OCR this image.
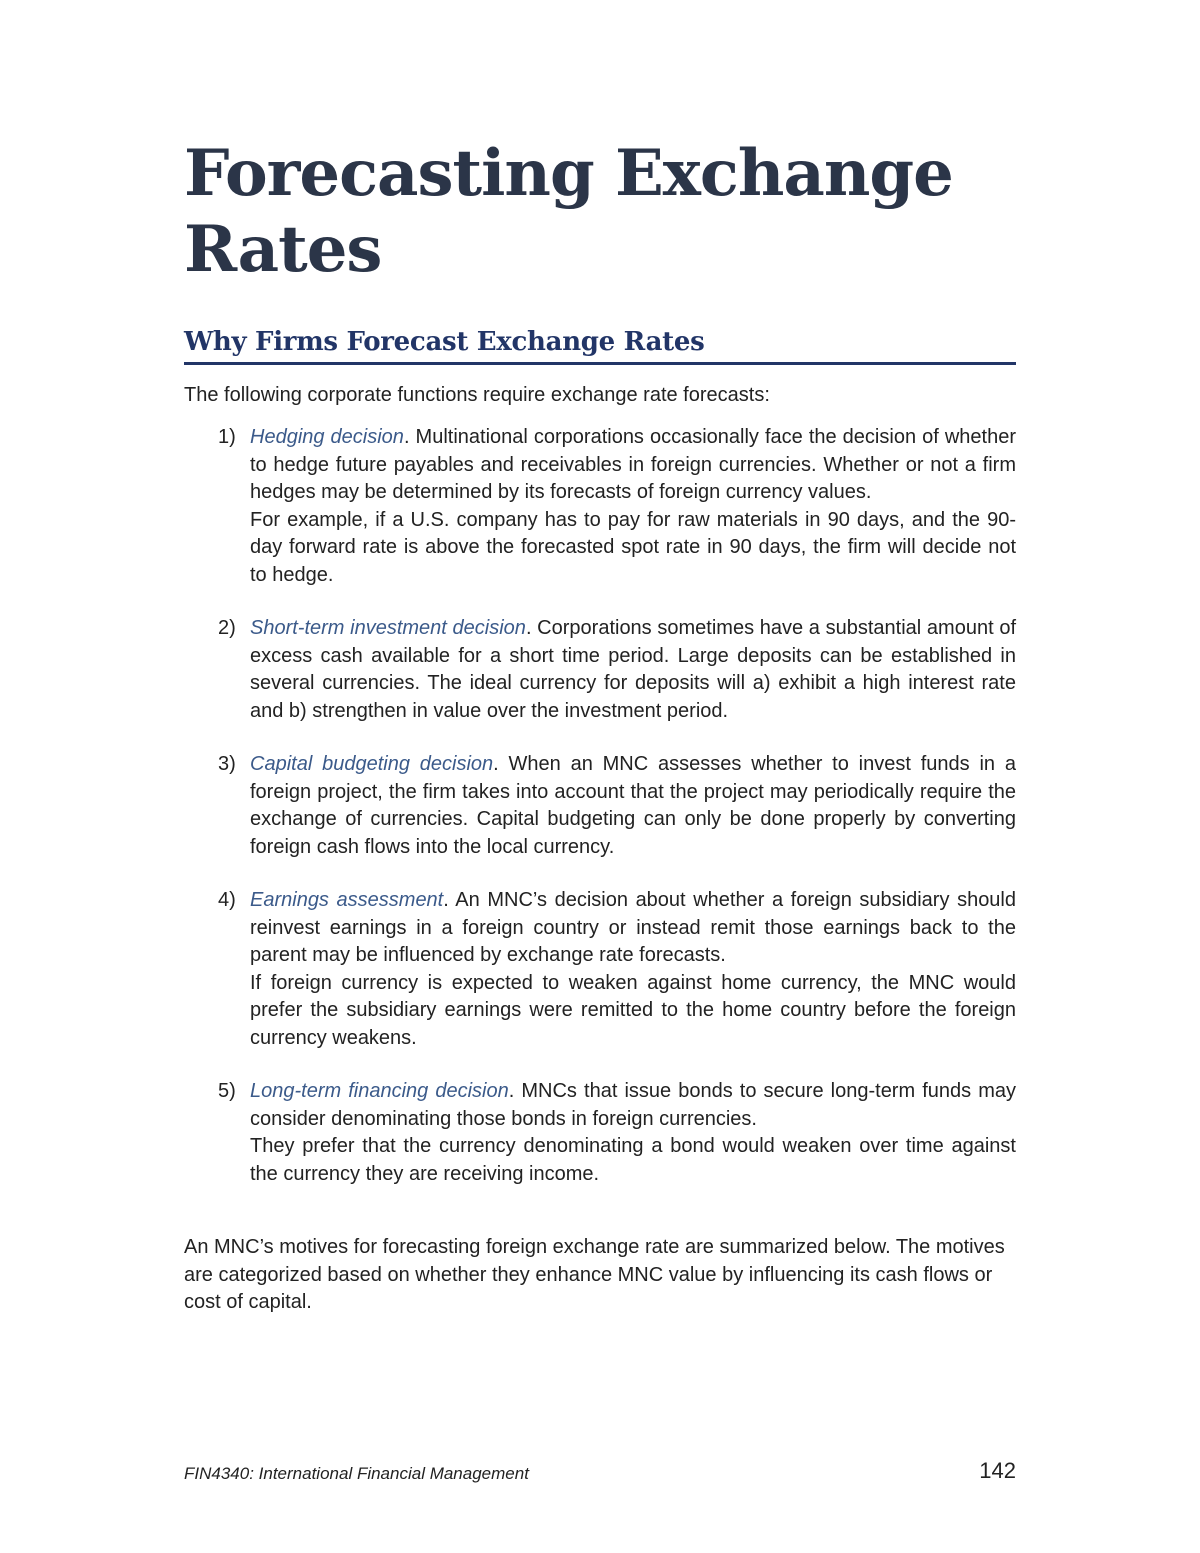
Forecasting Exchange
Rates
Why Firms Forecast Exchange Rates

The following corporate functions require exchange rate forecasts:

1) Hedging decision. Multinational corporations occasionally face the decision of whether to hedge future payables and receivables in foreign currencies. Whether or not a firm hedges may be determined by its forecasts of foreign currency values.

For example, if a U.S. company has to pay for raw materials in 90 days, and the 90-day forward rate is above the forecasted spot rate in 90 days, the firm will decide not to hedge.

2) Short-term investment decision. Corporations sometimes have a substantial amount of excess cash available for a short time period. Large deposits can be established in several currencies. The ideal currency for deposits will a) exhibit a high interest rate and b) strengthen in value over the investment period.

3) Capital budgeting decision. When an MNC assesses whether to invest funds in a foreign project, the firm takes into account that the project may periodically require the exchange of currencies. Capital budgeting can only be done properly by converting foreign cash flows into the local currency.

4) Earnings assessment. An MNC’s decision about whether a foreign subsidiary should reinvest earnings in a foreign country or instead remit those earnings back to the parent may be influenced by exchange rate forecasts.

If foreign currency is expected to weaken against home currency, the MNC would prefer the subsidiary earnings were remitted to the home country before the foreign currency weakens.

5) Long-term financing decision. MNCs that issue bonds to secure long-term funds may consider denominating those bonds in foreign currencies.

They prefer that the currency denominating a bond would weaken over time against the currency they are receiving income.

An MNC’s motives for forecasting foreign exchange rate are summarized below. The motives are categorized based on whether they enhance MNC value by influencing its cash flows or cost of capital.

FIN4340: International Financial Management	142
